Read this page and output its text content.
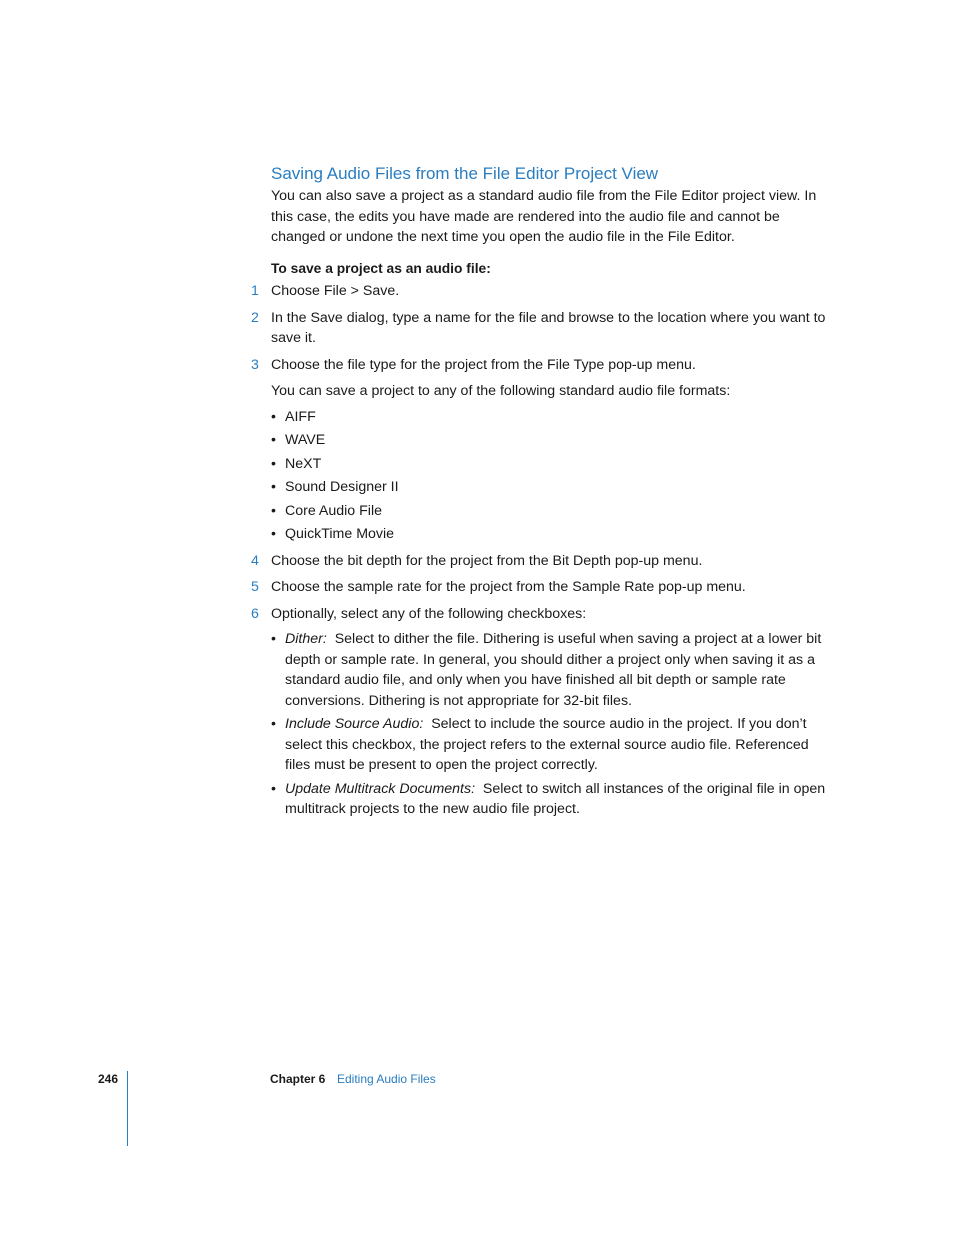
Saving Audio Files from the File Editor Project View

You can also save a project as a standard audio file from the File Editor project view. In this case, the edits you have made are rendered into the audio file and cannot be changed or undone the next time you open the audio file in the File Editor.

To save a project as an audio file:

1 Choose File > Save.

2 In the Save dialog, type a name for the file and browse to the location where you want to save it.

3 Choose the file type for the project from the File Type pop-up menu.

You can save a project to any of the following standard audio file formats:

• AIFF
• WAVE
• NeXT
• Sound Designer II
• Core Audio File
• QuickTime Movie
4 Choose the bit depth for the project from the Bit Depth pop-up menu.

5 Choose the sample rate for the project from the Sample Rate pop-up menu.

6 Optionally, select any of the following checkboxes:

• Dither: Select to dither the file. Dithering is useful when saving a project at a lower bit depth or sample rate. In general, you should dither a project only when saving it as a standard audio file, and only when you have finished all bit depth or sample rate conversions. Dithering is not appropriate for 32-bit files.
• Include Source Audio: Select to include the source audio in the project. If you don’t select this checkbox, the project refers to the external source audio file. Referenced files must be present to open the project correctly.
• Update Multitrack Documents: Select to switch all instances of the original file in open multitrack projects to the new audio file project.
246	Chapter 6 Editing Audio Files
